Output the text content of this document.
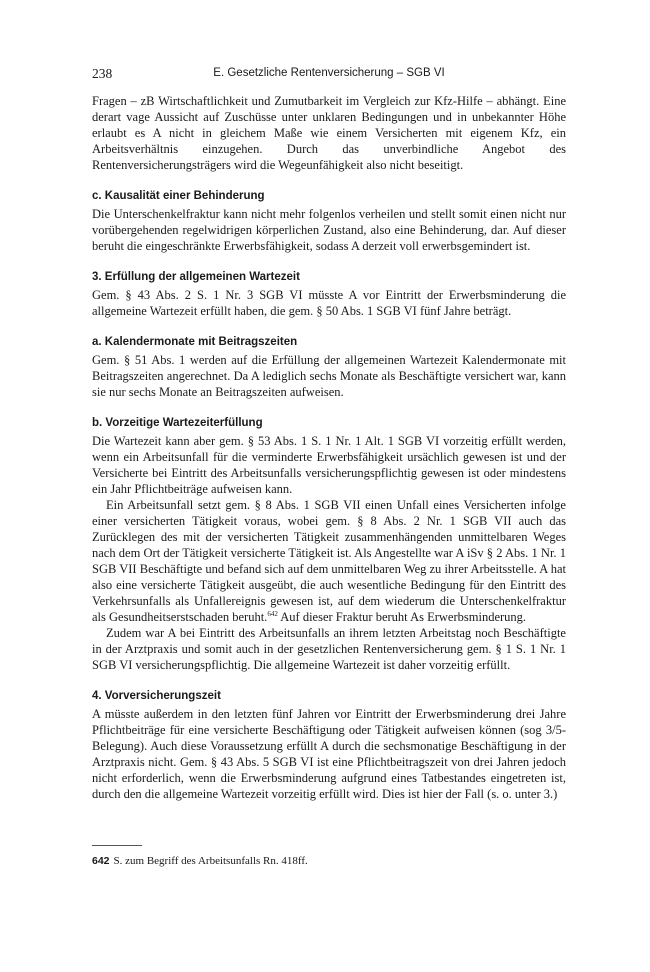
238	E. Gesetzliche Rentenversicherung – SGB VI

Fragen – zB Wirtschaftlichkeit und Zumutbarkeit im Vergleich zur Kfz-Hilfe – abhängt. Eine derart vage Aussicht auf Zuschüsse unter unklaren Bedingungen und in unbekannter Höhe erlaubt es A nicht in gleichem Maße wie einem Versicherten mit eigenem Kfz, ein Arbeitsverhältnis einzugehen. Durch das unverbindliche Angebot des Rentenversicherungsträgers wird die Wegeunfähigkeit also nicht beseitigt.

c. Kausalität einer Behinderung

Die Unterschenkelfraktur kann nicht mehr folgenlos verheilen und stellt somit einen nicht nur vorübergehenden regelwidrigen körperlichen Zustand, also eine Behinderung, dar. Auf dieser beruht die eingeschränkte Erwerbsfähigkeit, sodass A derzeit voll erwerbsgemindert ist.

3. Erfüllung der allgemeinen Wartezeit

Gem. § 43 Abs. 2 S. 1 Nr. 3 SGB VI müsste A vor Eintritt der Erwerbsminderung die allgemeine Wartezeit erfüllt haben, die gem. § 50 Abs. 1 SGB VI fünf Jahre beträgt.

a. Kalendermonate mit Beitragszeiten

Gem. § 51 Abs. 1 werden auf die Erfüllung der allgemeinen Wartezeit Kalendermonate mit Beitragszeiten angerechnet. Da A lediglich sechs Monate als Beschäftigte versichert war, kann sie nur sechs Monate an Beitragszeiten aufweisen.

b. Vorzeitige Wartezeiterfüllung

Die Wartezeit kann aber gem. § 53 Abs. 1 S. 1 Nr. 1 Alt. 1 SGB VI vorzeitig erfüllt werden, wenn ein Arbeitsunfall für die verminderte Erwerbsfähigkeit ursächlich gewesen ist und der Versicherte bei Eintritt des Arbeitsunfalls versicherungspflichtig gewesen ist oder mindestens ein Jahr Pflichtbeiträge aufweisen kann.

Ein Arbeitsunfall setzt gem. § 8 Abs. 1 SGB VII einen Unfall eines Versicherten infolge einer versicherten Tätigkeit voraus, wobei gem. § 8 Abs. 2 Nr. 1 SGB VII auch das Zurücklegen des mit der versicherten Tätigkeit zusammenhängenden unmittelbaren Weges nach dem Ort der Tätigkeit versicherte Tätigkeit ist. Als Angestellte war A iSv § 2 Abs. 1 Nr. 1 SGB VII Beschäftigte und befand sich auf dem unmittelbaren Weg zu ihrer Arbeitsstelle. A hat also eine versicherte Tätigkeit ausgeübt, die auch wesentliche Bedingung für den Eintritt des Verkehrsunfalls als Unfallereignis gewesen ist, auf dem wiederum die Unterschenkelfraktur als Gesundheitserstschaden beruht.$^{642}$ Auf dieser Fraktur beruht As Erwerbsminderung.

Zudem war A bei Eintritt des Arbeitsunfalls an ihrem letzten Arbeitstag noch Beschäftigte in der Arztpraxis und somit auch in der gesetzlichen Rentenversicherung gem. § 1 S. 1 Nr. 1 SGB VI versicherungspflichtig. Die allgemeine Wartezeit ist daher vorzeitig erfüllt.

4. Vorversicherungszeit

A müsste außerdem in den letzten fünf Jahren vor Eintritt der Erwerbsminderung drei Jahre Pflichtbeiträge für eine versicherte Beschäftigung oder Tätigkeit aufweisen können (sog 3/5-Belegung). Auch diese Voraussetzung erfüllt A durch die sechsmonatige Beschäftigung in der Arztpraxis nicht. Gem. § 43 Abs. 5 SGB VI ist eine Pflichtbeitragszeit von drei Jahren jedoch nicht erforderlich, wenn die Erwerbsminderung aufgrund eines Tatbestandes eingetreten ist, durch den die allgemeine Wartezeit vorzeitig erfüllt wird. Dies ist hier der Fall (s. o. unter 3.)

642 S. zum Begriff des Arbeitsunfalls Rn. 418ff.
